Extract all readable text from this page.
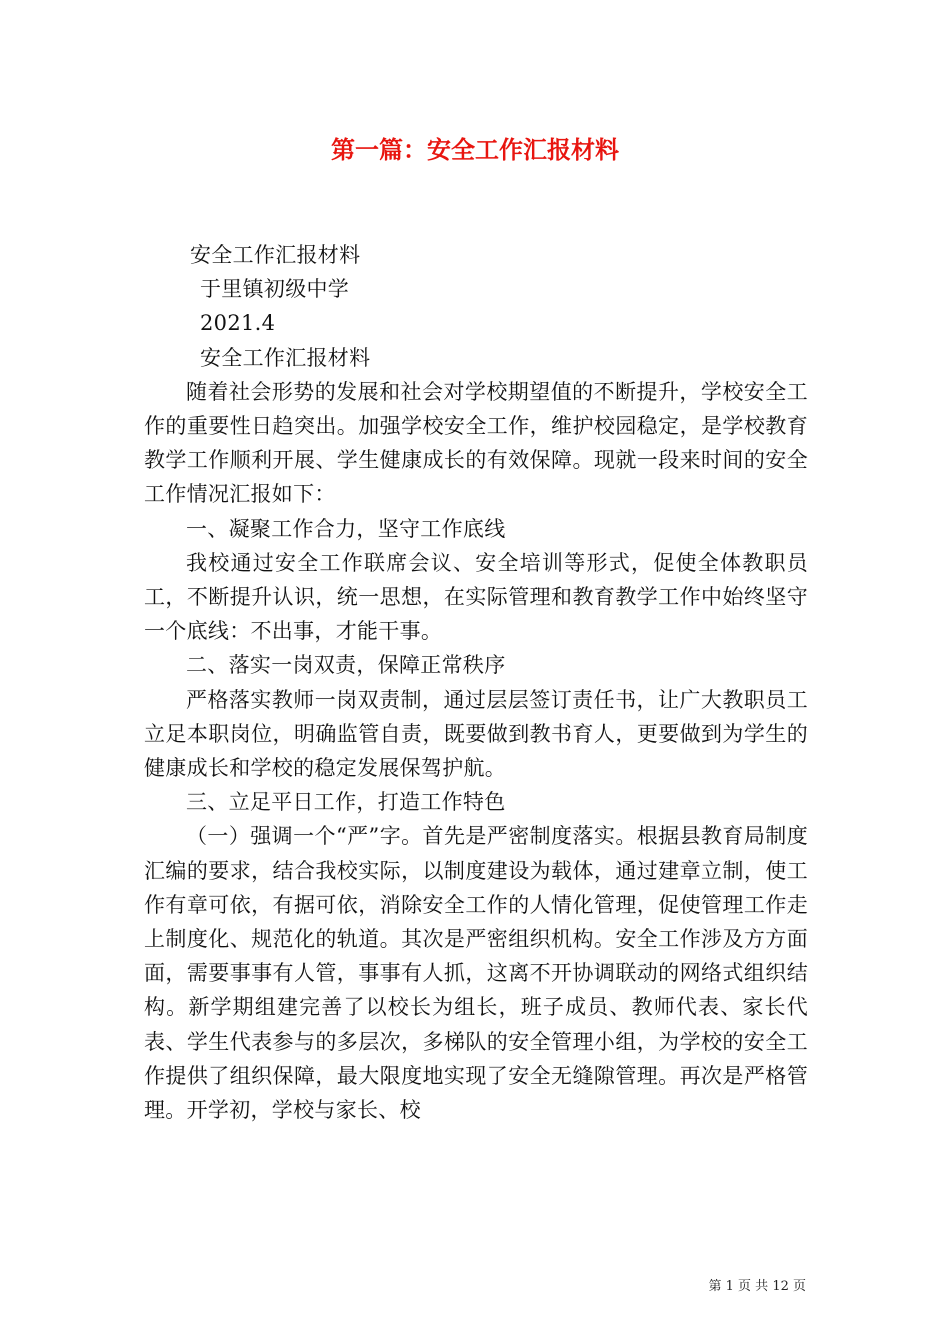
第一篇：安全工作汇报材料

安全工作汇报材料

于里镇初级中学

2021.4

安全工作汇报材料

随着社会形势的发展和社会对学校期望值的不断提升，学校安全工作的重要性日趋突出。加强学校安全工作，维护校园稳定，是学校教育教学工作顺利开展、学生健康成长的有效保障。现就一段来时间的安全工作情况汇报如下：

一、凝聚工作合力，坚守工作底线

我校通过安全工作联席会议、安全培训等形式，促使全体教职员工，不断提升认识，统一思想，在实际管理和教育教学工作中始终坚守一个底线：不出事，才能干事。

二、落实一岗双责，保障正常秩序

严格落实教师一岗双责制，通过层层签订责任书，让广大教职员工立足本职岗位，明确监管自责，既要做到教书育人，更要做到为学生的健康成长和学校的稳定发展保驾护航。

三、立足平日工作，打造工作特色

（一）强调一个“严”字。首先是严密制度落实。根据县教育局制度汇编的要求，结合我校实际，以制度建设为载体，通过建章立制，使工作有章可依，有据可依，消除安全工作的人情化管理，促使管理工作走上制度化、规范化的轨道。其次是严密组织机构。安全工作涉及方方面面，需要事事有人管，事事有人抓，这离不开协调联动的网络式组织结构。新学期组建完善了以校长为组长，班子成员、教师代表、家长代表、学生代表参与的多层次，多梯队的安全管理小组，为学校的安全工作提供了组织保障，最大限度地实现了安全无缝隙管理。再次是严格管理。开学初，学校与家长、校

第 1 页 共 12 页
